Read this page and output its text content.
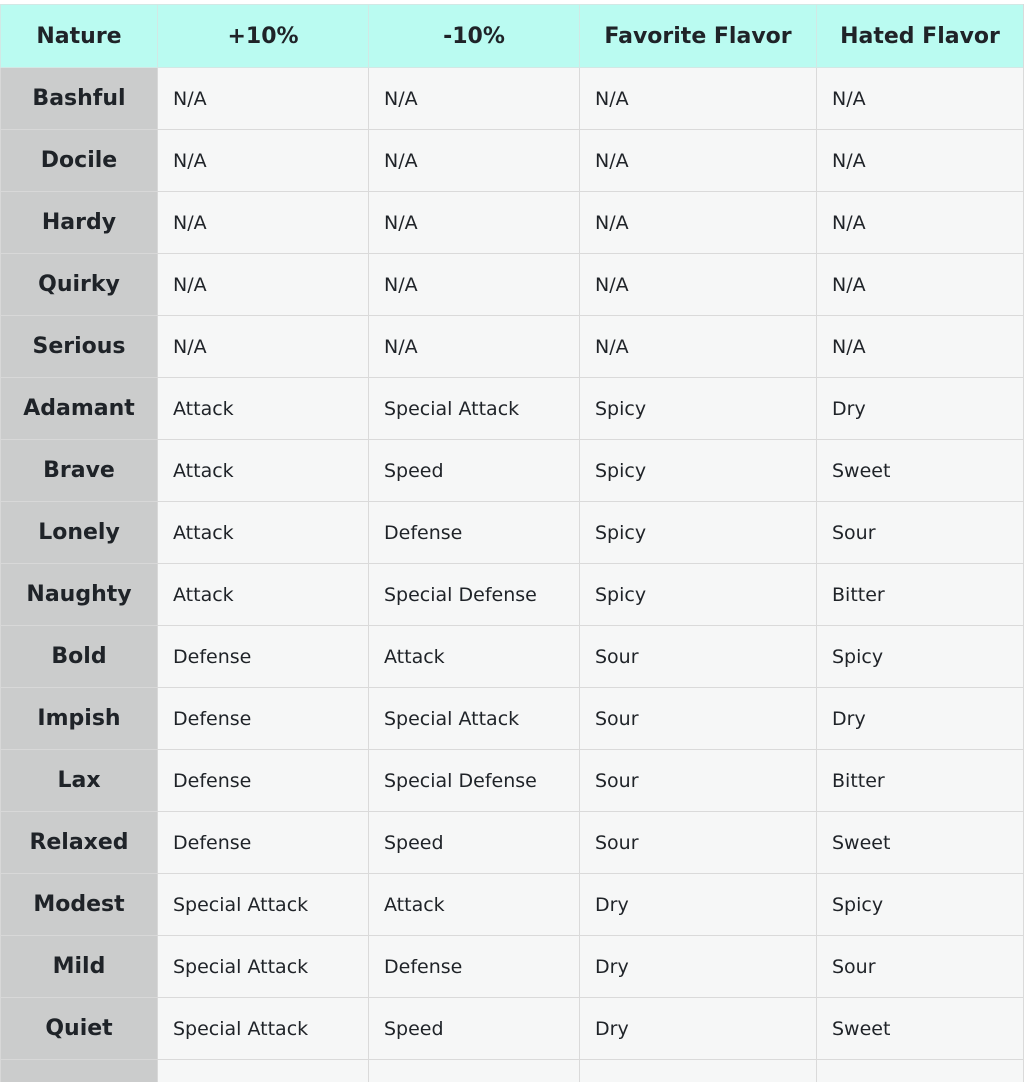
Nature	+10%	-10%	Favorite Flavor	Hated Flavor
Bashful	N/A	N/A	N/A	N/A
Docile	N/A	N/A	N/A	N/A
Hardy	N/A	N/A	N/A	N/A
Quirky	N/A	N/A	N/A	N/A
Serious	N/A	N/A	N/A	N/A
Adamant	Attack	Special Attack	Spicy	Dry
Brave	Attack	Speed	Spicy	Sweet
Lonely	Attack	Defense	Spicy	Sour
Naughty	Attack	Special Defense	Spicy	Bitter
Bold	Defense	Attack	Sour	Spicy
Impish	Defense	Special Attack	Sour	Dry
Lax	Defense	Special Defense	Sour	Bitter
Relaxed	Defense	Speed	Sour	Sweet
Modest	Special Attack	Attack	Dry	Spicy
Mild	Special Attack	Defense	Dry	Sour
Quiet	Special Attack	Speed	Dry	Sweet
